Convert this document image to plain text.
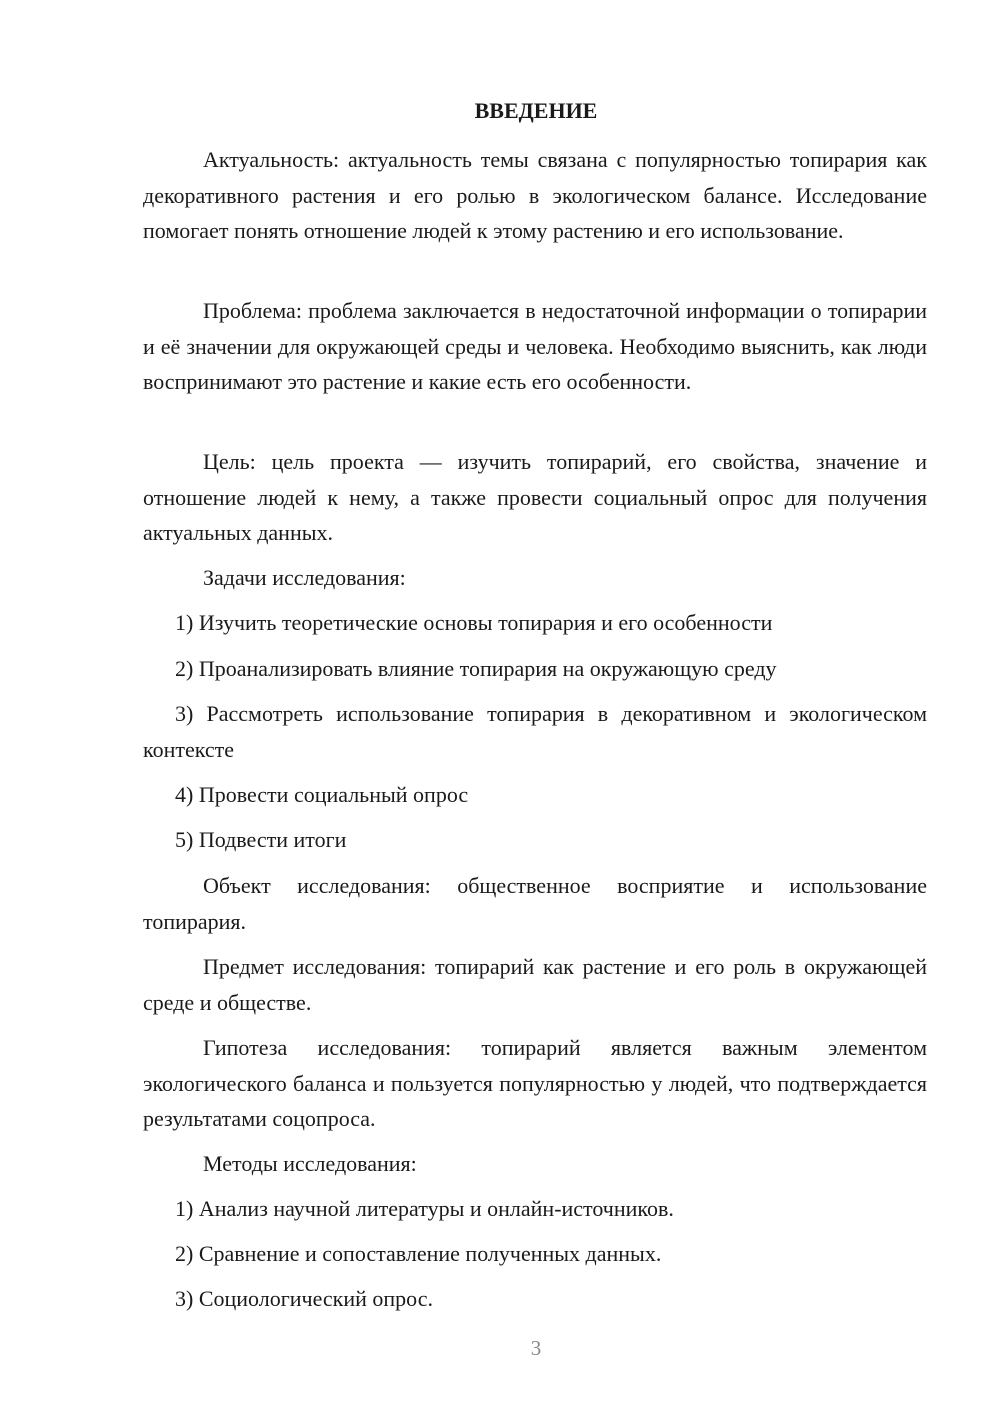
ВВЕДЕНИЕ

Актуальность: актуальность темы связана с популярностью топирария как декоративного растения и его ролью в экологическом балансе. Исследование помогает понять отношение людей к этому растению и его использование.

Проблема: проблема заключается в недостаточной информации о топирарии и её значении для окружающей среды и человека. Необходимо выяснить, как люди воспринимают это растение и какие есть его особенности.

Цель: цель проекта — изучить топирарий, его свойства, значение и отношение людей к нему, а также провести социальный опрос для получения актуальных данных.

Задачи исследования:

1) Изучить теоретические основы топирария и его особенности

2) Проанализировать влияние топирария на окружающую среду

3) Рассмотреть использование топирария в декоративном и экологическом контексте

4) Провести социальный опрос

5) Подвести итоги

Объект исследования: общественное восприятие и использование топирария.

Предмет исследования: топирарий как растение и его роль в окружающей среде и обществе.

Гипотеза исследования: топирарий является важным элементом экологического баланса и пользуется популярностью у людей, что подтверждается результатами соцопроса.

Методы исследования:

1) Анализ научной литературы и онлайн-источников.

2) Сравнение и сопоставление полученных данных.

3) Социологический опрос.

3
